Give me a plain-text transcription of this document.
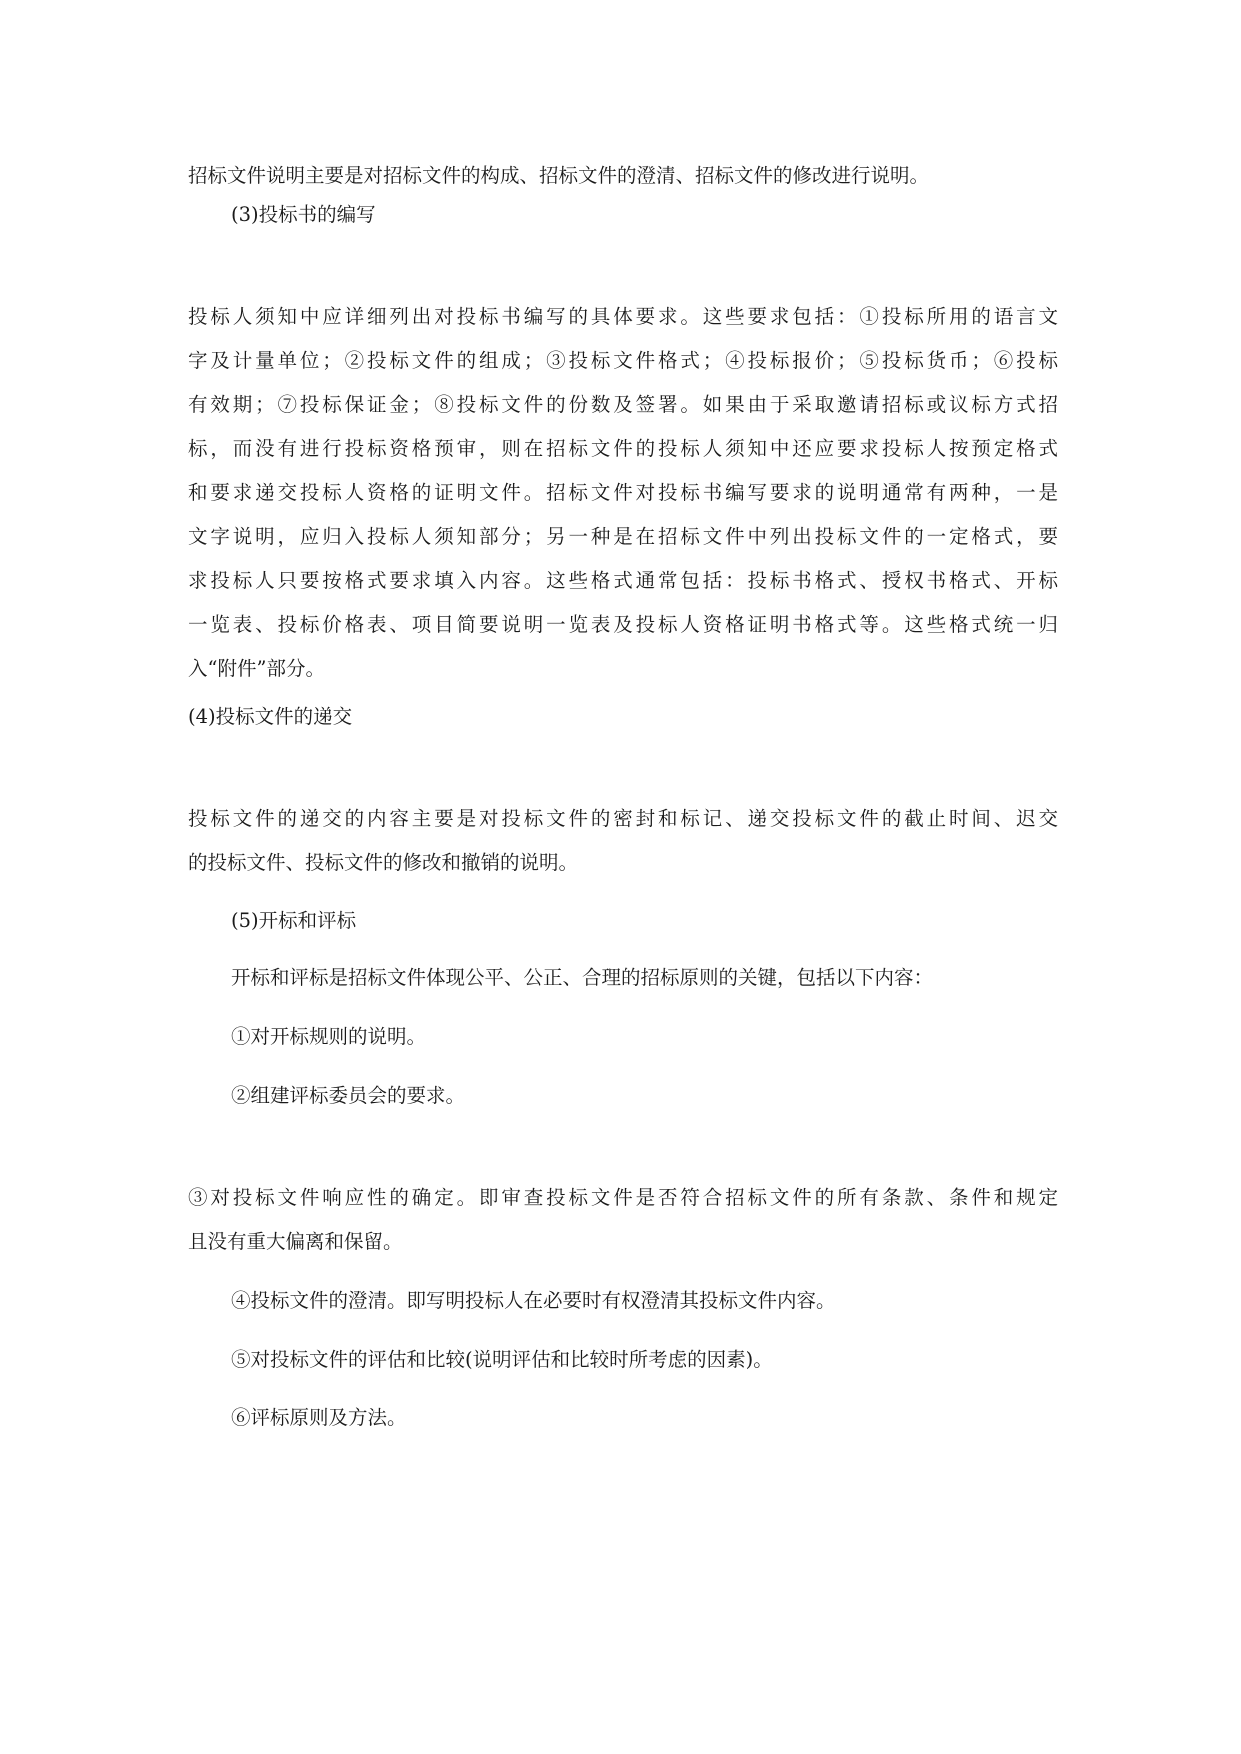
招标文件说明主要是对招标文件的构成、招标文件的澄清、招标文件的修改进行说明。

(3)投标书的编写

投标人须知中应详细列出对投标书编写的具体要求。这些要求包括：①投标所用的语言文

字及计量单位；②投标文件的组成；③投标文件格式；④投标报价；⑤投标货币；⑥投标

有效期；⑦投标保证金；⑧投标文件的份数及签署。如果由于采取邀请招标或议标方式招

标，而没有进行投标资格预审，则在招标文件的投标人须知中还应要求投标人按预定格式

和要求递交投标人资格的证明文件。招标文件对投标书编写要求的说明通常有两种，一是

文字说明，应归入投标人须知部分；另一种是在招标文件中列出投标文件的一定格式，要

求投标人只要按格式要求填入内容。这些格式通常包括：投标书格式、授权书格式、开标

一览表、投标价格表、项目简要说明一览表及投标人资格证明书格式等。这些格式统一归

入“附件”部分。

(4)投标文件的递交

投标文件的递交的内容主要是对投标文件的密封和标记、递交投标文件的截止时间、迟交

的投标文件、投标文件的修改和撤销的说明。

(5)开标和评标

开标和评标是招标文件体现公平、公正、合理的招标原则的关键，包括以下内容：

①对开标规则的说明。

②组建评标委员会的要求。

③对投标文件响应性的确定。即审查投标文件是否符合招标文件的所有条款、条件和规定

且没有重大偏离和保留。

④投标文件的澄清。即写明投标人在必要时有权澄清其投标文件内容。

⑤对投标文件的评估和比较(说明评估和比较时所考虑的因素)。

⑥评标原则及方法。
